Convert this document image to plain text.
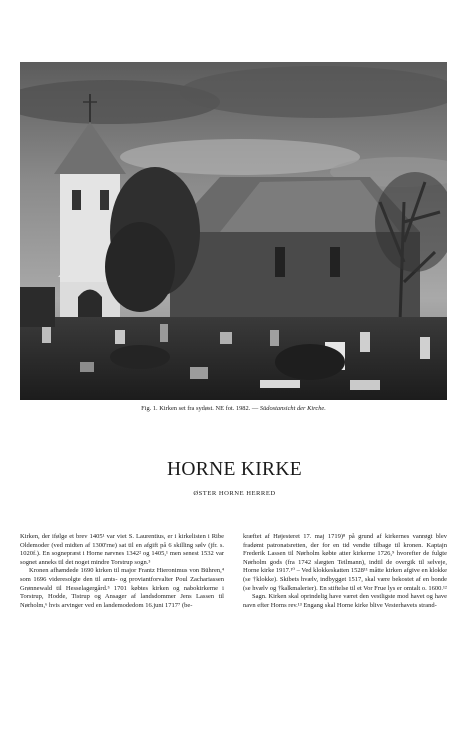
Fig. 1. Kirken set fra sydøst. NE fot. 1982. — Südostansicht der Kirche.
HORNE KIRKE
ØSTER HORNE HERRED

Kirken, der ifølge et brev 1405¹ var viet S. Laurentius, er i kirkelisten i Ribe Oldemoder (ved midten af 1300'rne) sat til en afgift på 6 skilling sølv (jfr. s. 1020f.). En sognepræst i Horne nævnes 1342² og 1405,¹ men senest 1532 var sognet anneks til det noget mindre Torstrup sogn.³

Kronen afhændede 1690 kirken til major Frantz Hieronimus von Bühren,⁴ som 1696 videresolgte den til amts- og proviantforvalter Poul Zachariassen Grønnewald til Hesselagergård.⁵ 1701 købtes kirken og nabokirkerne i Torstrup, Hodde, Tistrup og Ansager af landsdommer Jens Lassen til Nørholm,⁶ hvis arvinger ved en landemodedom 16.juni 1717⁷ (be-

kræftet af Højesteret 17. maj 1719)⁸ på grund af kirkernes vanrøgt blev fradømt patronatsretten, der for en tid vendte tilbage til kronen. Kaptajn Frederik Lassen til Nørholm købte atter kirkerne 1726,⁹ hvorefter de fulgte Nørholm gods (fra 1742 slægten Teilmann), indtil de overgik til selveje, Horne kirke 1917.¹⁰ – Ved klokkeskatten 1528¹¹ måtte kirken afgive en klokke (se †klokke). Skibets hvælv, indbygget 1517, skal være bekostet af en bonde (se hvælv og †kalkmalerier). En stiftelse til et Vor Frue lys er omtalt o. 1600.¹²

Sagn. Kirken skal oprindelig have været den vestligste mod havet og have navn efter Horns rev.¹³ Engang skal Horne kirke blive Vesterhavets strand-
